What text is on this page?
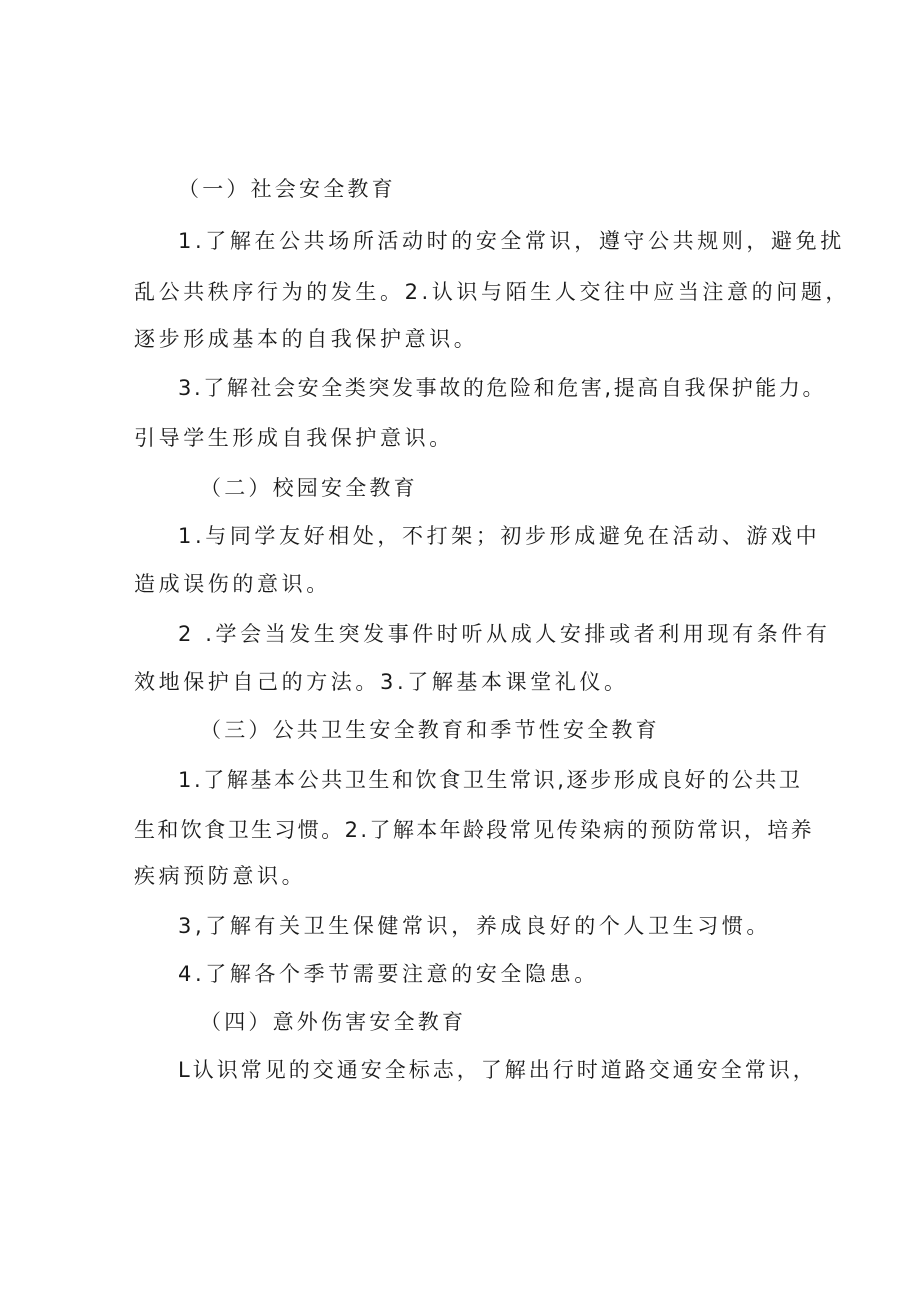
（一）社会安全教育
1.了解在公共场所活动时的安全常识，遵守公共规则，避免扰
乱公共秩序行为的发生。2.认识与陌生人交往中应当注意的问题，
逐步形成基本的自我保护意识。
3.了解社会安全类突发事故的危险和危害,提高自我保护能力。
引导学生形成自我保护意识。
（二）校园安全教育
1.与同学友好相处，不打架；初步形成避免在活动、游戏中
造成误伤的意识。
2 .学会当发生突发事件时听从成人安排或者利用现有条件有
效地保护自己的方法。3.了解基本课堂礼仪。
（三）公共卫生安全教育和季节性安全教育
1.了解基本公共卫生和饮食卫生常识,逐步形成良好的公共卫
生和饮食卫生习惯。2.了解本年龄段常见传染病的预防常识，培养
疾病预防意识。
3,了解有关卫生保健常识，养成良好的个人卫生习惯。
4.了解各个季节需要注意的安全隐患。
（四）意外伤害安全教育
L认识常见的交通安全标志，了解出行时道路交通安全常识，
